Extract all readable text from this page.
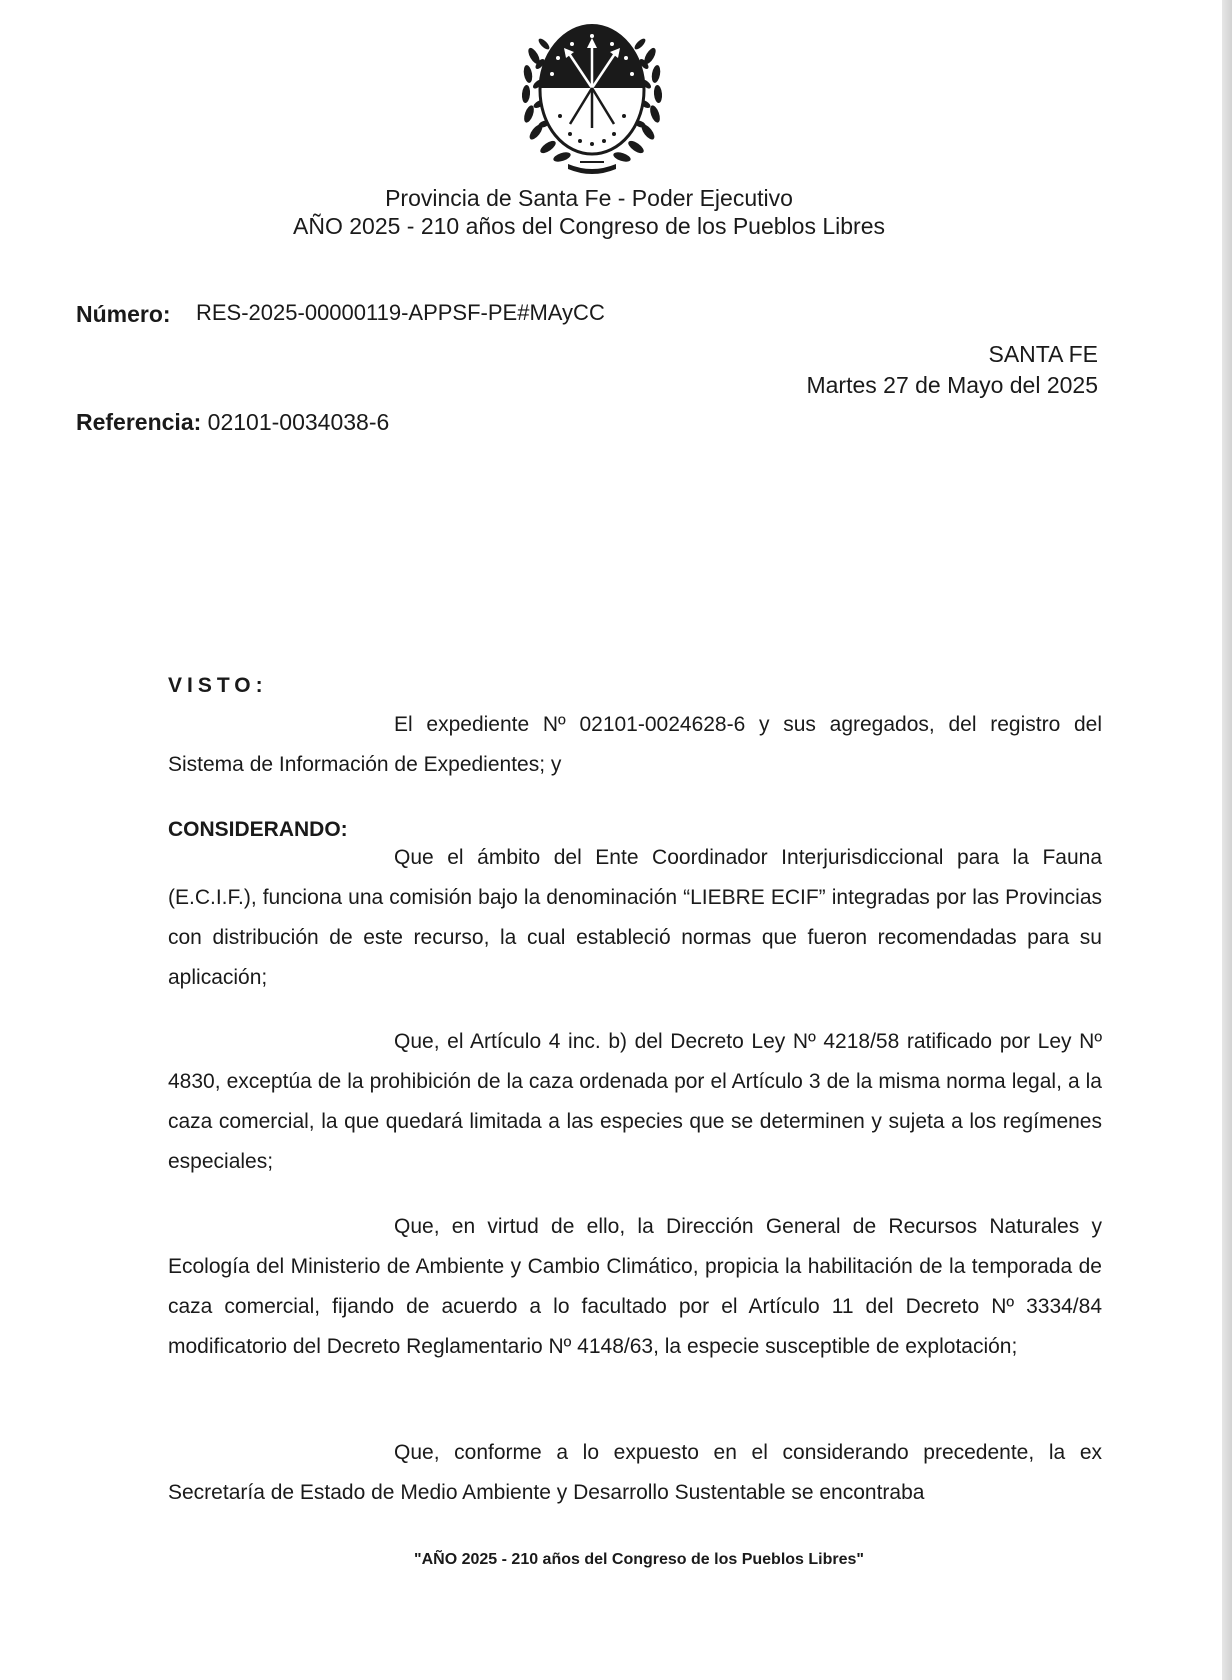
Provincia de Santa Fe - Poder Ejecutivo
AÑO 2025 - 210 años del Congreso de los Pueblos Libres
Número: RES-2025-00000119-APPSF-PE#MAyCC
SANTA FE
Martes 27 de Mayo del 2025
Referencia: 02101-0034038-6
VISTO:
El expediente Nº 02101-0024628-6 y sus agregados, del registro del Sistema de Información de Expedientes; y
CONSIDERANDO:
Que el ámbito del Ente Coordinador Interjurisdiccional para la Fauna (E.C.I.F.), funciona una comisión bajo la denominación “LIEBRE ECIF” integradas por las Provincias con distribución de este recurso, la cual estableció normas que fueron recomendadas para su aplicación;
Que, el Artículo 4 inc. b) del Decreto Ley Nº 4218/58 ratificado por Ley Nº 4830, exceptúa de la prohibición de la caza ordenada por el Artículo 3 de la misma norma legal, a la caza comercial, la que quedará limitada a las especies que se determinen y sujeta a los regímenes especiales;
Que, en virtud de ello, la Dirección General de Recursos Naturales y Ecología del Ministerio de Ambiente y Cambio Climático, propicia la habilitación de la temporada de caza comercial, fijando de acuerdo a lo facultado por el Artículo 11 del Decreto Nº 3334/84 modificatorio del Decreto Reglamentario Nº 4148/63, la especie susceptible de explotación;
Que, conforme a lo expuesto en el considerando precedente, la ex Secretaría de Estado de Medio Ambiente y Desarrollo Sustentable se encontraba
"AÑO 2025 - 210 años del Congreso de los Pueblos Libres"
